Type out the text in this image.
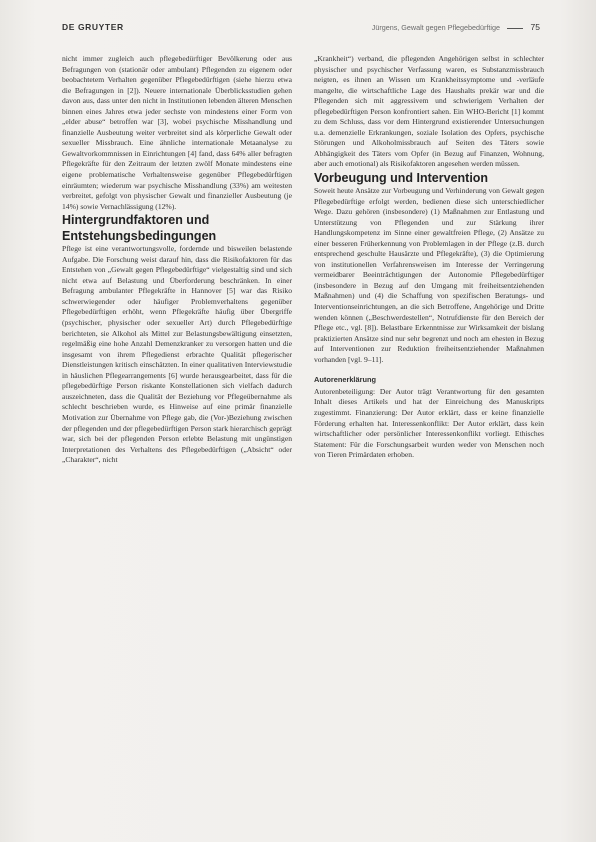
DE GRUYTER	Jürgens, Gewalt gegen Pflegebedürftige	75

nicht immer zugleich auch pflegebedürftiger Bevölkerung oder aus Befragungen von (stationär oder ambulant) Pflegenden zu eigenem oder beobachtetem Verhalten gegenüber Pflegebedürftigen (siehe hierzu etwa die Befragungen in [2]). Neuere internationale Überblicksstudien gehen davon aus, dass unter den nicht in Institutionen lebenden älteren Menschen binnen eines Jahres etwa jeder sechste von mindestens einer Form von „elder abuse“ betroffen war [3], wobei psychische Misshandlung und finanzielle Ausbeutung weiter verbreitet sind als körperliche Gewalt oder sexueller Missbrauch. Eine ähnliche internationale Metaanalyse zu Gewaltvorkommnissen in Einrichtungen [4] fand, dass 64% aller befragten Pflegekräfte für den Zeitraum der letzten zwölf Monate mindestens eine eigene problematische Verhaltensweise gegenüber Pflegebedürftigen einräumten; wiederum war psychische Misshandlung (33%) am weitesten verbreitet, gefolgt von physischer Gewalt und finanzieller Ausbeutung (je 14%) sowie Vernachlässigung (12%).

Hintergrundfaktoren und Entstehungsbedingungen

Pflege ist eine verantwortungsvolle, fordernde und bisweilen belastende Aufgabe. Die Forschung weist darauf hin, dass die Risikofaktoren für das Entstehen von „Gewalt gegen Pflegebedürftige“ vielgestaltig sind und sich nicht etwa auf Belastung und Überforderung beschränken. In einer Befragung ambulanter Pflegekräfte in Hannover [5] war das Risiko schwerwiegender oder häufiger Problemverhaltens gegenüber Pflegebedürftigen erhöht, wenn Pflegekräfte häufig über Übergriffe (psychischer, physischer oder sexueller Art) durch Pflegebedürftige berichteten, sie Alkohol als Mittel zur Belastungsbewältigung einsetzten, regelmäßig eine hohe Anzahl Demenzkranker zu versorgen hatten und die insgesamt von ihrem Pflegedienst erbrachte Qualität pflegerischer Dienstleistungen kritisch einschätzten. In einer qualitativen Interviewstudie in häuslichen Pflegearrangements [6] wurde herausgearbeitet, dass für die pflegebedürftige Person riskante Konstellationen sich vielfach dadurch auszeichneten, dass die Qualität der Beziehung vor Pflegeübernahme als schlecht beschrieben wurde, es Hinweise auf eine primär finanzielle Motivation zur Übernahme von Pflege gab, die (Vor-)Beziehung zwischen der pflegenden und der pflegebedürftigen Person stark hierarchisch geprägt war, sich bei der pflegenden Person erlebte Belastung mit ungünstigen Interpretationen des Verhaltens des Pflegebedürftigen („Absicht“ oder „Charakter“, nicht

„Krankheit“) verband, die pflegenden Angehörigen selbst in schlechter physischer und psychischer Verfassung waren, es Substanzmissbrauch neigten, es ihnen an Wissen um Krankheitssymptome und -verläufe mangelte, die wirtschaftliche Lage des Haushalts prekär war und die Pflegenden sich mit aggressivem und schwierigem Verhalten der pflegebedürftigen Person konfrontiert sahen. Ein WHO-Bericht [1] kommt zu dem Schluss, dass vor dem Hintergrund existierender Untersuchungen u.a. demenzielle Erkrankungen, soziale Isolation des Opfers, psychische Störungen und Alkoholmissbrauch auf Seiten des Täters sowie Abhängigkeit des Täters vom Opfer (in Bezug auf Finanzen, Wohnung, aber auch emotional) als Risikofaktoren angesehen werden müssen.

Vorbeugung und Intervention

Soweit heute Ansätze zur Vorbeugung und Verhinderung von Gewalt gegen Pflegebedürftige erfolgt werden, bedienen diese sich unterschiedlicher Wege. Dazu gehören (insbesondere) (1) Maßnahmen zur Entlastung und Unterstützung von Pflegenden und zur Stärkung ihrer Handlungskompetenz im Sinne einer gewaltfreien Pflege, (2) Ansätze zu einer besseren Früherkennung von Problemlagen in der Pflege (z.B. durch entsprechend geschulte Hausärzte und Pflegekräfte), (3) die Optimierung von institutionellen Verfahrensweisen im Interesse der Verringerung vermeidbarer Beeinträchtigungen der Autonomie Pflegebedürftiger (insbesondere in Bezug auf den Umgang mit freiheitsentziehenden Maßnahmen) und (4) die Schaffung von spezifischen Beratungs- und Interventionseinrichtungen, an die sich Betroffene, Angehörige und Dritte wenden können („Beschwerdestellen“, Notrufdienste für den Bereich der Pflege etc., vgl. [8]). Belastbare Erkenntnisse zur Wirksamkeit der bislang praktizierten Ansätze sind nur sehr begrenzt und noch am ehesten in Bezug auf Interventionen zur Reduktion freiheitsentziehender Maßnahmen vorhanden [vgl. 9–11].

Autorenerklärung

Autorenbeteiligung: Der Autor trägt Verantwortung für den gesamten Inhalt dieses Artikels und hat der Einreichung des Manuskripts zugestimmt. Finanzierung: Der Autor erklärt, dass er keine finanzielle Förderung erhalten hat. Interessenkonflikt: Der Autor erklärt, dass kein wirtschaftlicher oder persönlicher Interessenkonflikt vorliegt. Ethisches Statement: Für die Forschungsarbeit wurden weder von Menschen noch von Tieren Primärdaten erhoben.
